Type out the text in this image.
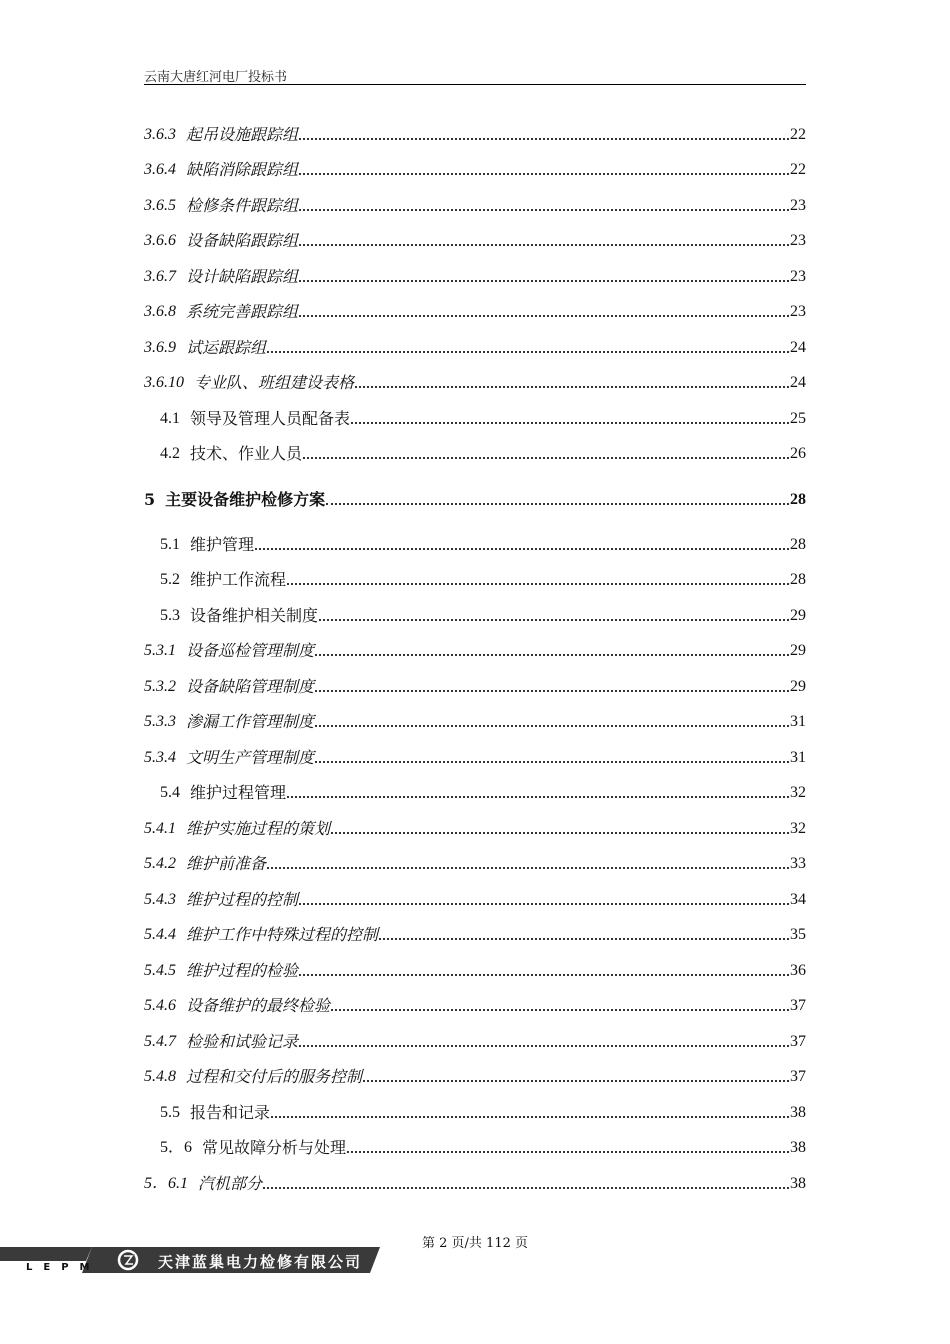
云南大唐红河电厂投标书
3.6.3 起吊设施跟踪组	22
3.6.4 缺陷消除跟踪组	22
3.6.5 检修条件跟踪组	23
3.6.6 设备缺陷跟踪组	23
3.6.7 设计缺陷跟踪组	23
3.6.8 系统完善跟踪组	23
3.6.9 试运跟踪组	24
3.6.10 专业队、班组建设表格	24
4.1 领导及管理人员配备表	25
4.2 技术、作业人员	26
5 主要设备维护检修方案	28
5.1 维护管理	28
5.2 维护工作流程	28
5.3 设备维护相关制度	29
5.3.1 设备巡检管理制度	29
5.3.2 设备缺陷管理制度	29
5.3.3 渗漏工作管理制度	31
5.3.4 文明生产管理制度	31
5.4 维护过程管理	32
5.4.1 维护实施过程的策划	32
5.4.2 维护前准备	33
5.4.3 维护过程的控制	34
5.4.4 维护工作中特殊过程的控制	35
5.4.5 维护过程的检验	36
5.4.6 设备维护的最终检验	37
5.4.7 检验和试验记录	37
5.4.8 过程和交付后的服务控制	37
5.5 报告和记录	38
5．6 常见故障分析与处理	38
5．6.1 汽机部分	38
第 2 页/共 112 页
LEPM	天津蓝巢电力检修有限公司
